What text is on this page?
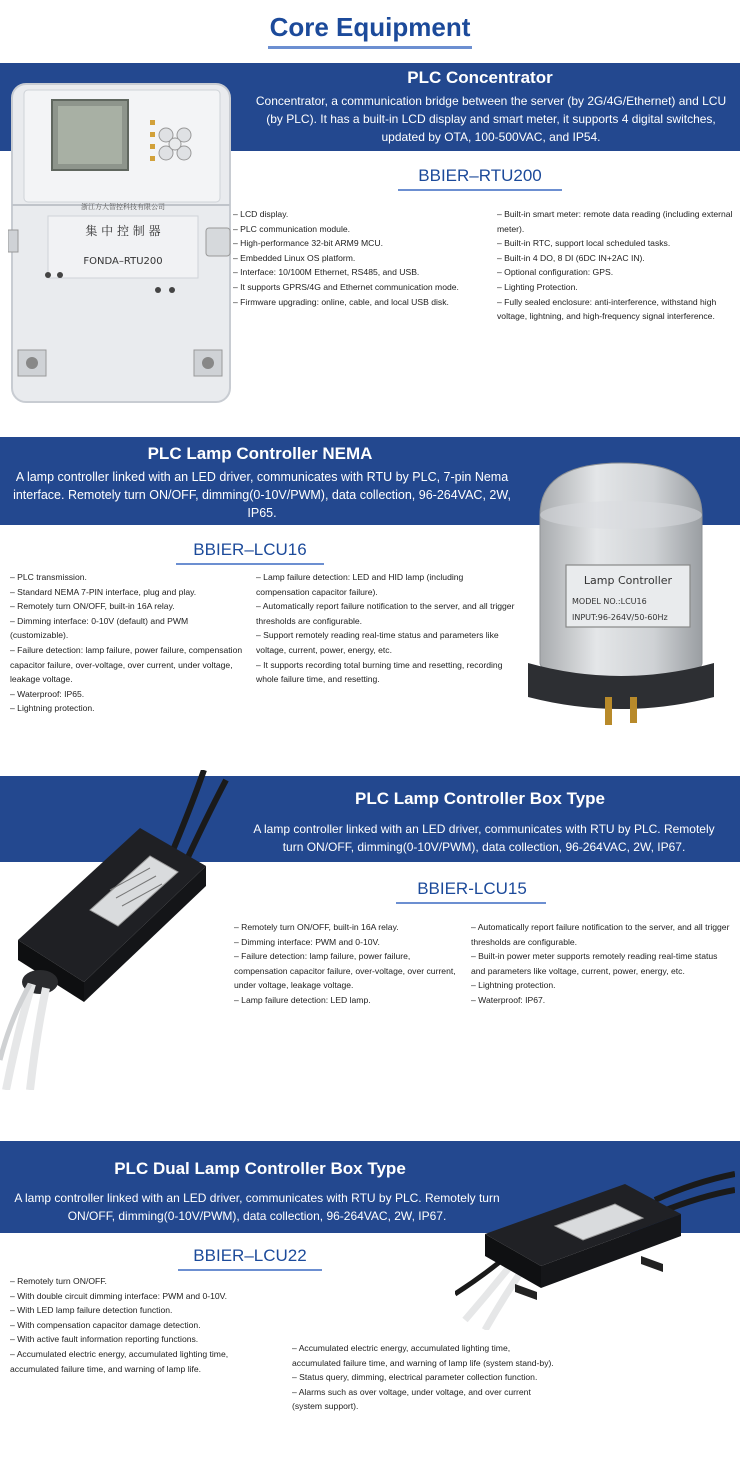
Core Equipment
PLC Concentrator
Concentrator, a communication bridge between the server (by 2G/4G/Ethernet) and LCU (by PLC). It has a built-in LCD display and smart meter, it supports 4 digital switches, updated by OTA, 100-500VAC, and IP54.
BBIER–RTU200
浙江方大智控科技有限公司
集 中 控 制 器
FONDA–RTU200
– LCD display.
– PLC communication module.
– High-performance 32-bit ARM9 MCU.
– Embedded Linux OS platform.
– Interface: 10/100M Ethernet, RS485, and USB.
– It supports GPRS/4G and Ethernet communication mode.
– Firmware upgrading: online, cable, and local USB disk.
– Built-in smart meter: remote data reading (including external meter).
– Built-in RTC, support local scheduled tasks.
– Built-in 4 DO, 8 DI (6DC IN+2AC IN).
– Optional configuration: GPS.
– Lighting Protection.
– Fully sealed enclosure: anti-interference, withstand high voltage, lightning, and high-frequency signal interference.
PLC Lamp Controller NEMA
A lamp controller linked with an LED driver, communicates with RTU by PLC, 7-pin Nema interface. Remotely turn ON/OFF, dimming(0-10V/PWM), data collection, 96-264VAC, 2W, IP65.
BBIER–LCU16
Lamp Controller
MODEL NO.:LCU16
INPUT:96-264V/50-60Hz
– PLC transmission.
– Standard NEMA 7-PIN interface, plug and play.
– Remotely turn ON/OFF, built-in 16A relay.
– Dimming interface: 0-10V (default) and PWM (customizable).
– Failure detection: lamp failure, power failure, compensation capacitor failure, over-voltage, over current, under voltage, leakage voltage.
– Waterproof: IP65.
– Lightning protection.
– Lamp failure detection: LED and HID lamp (including compensation capacitor failure).
– Automatically report failure notification to the server, and all trigger thresholds are configurable.
– Support remotely reading real-time status and parameters like voltage, current, power, energy, etc.
– It supports recording total burning time and resetting, recording whole failure time, and resetting.
PLC Lamp Controller Box Type
A lamp controller linked with an LED driver, communicates with RTU by PLC. Remotely turn ON/OFF, dimming(0-10V/PWM), data collection, 96-264VAC, 2W, IP67.
BBIER-LCU15
– Remotely turn ON/OFF, built-in 16A relay.
– Dimming interface: PWM and 0-10V.
– Failure detection: lamp failure, power failure, compensation capacitor failure, over-voltage, over current, under voltage, leakage voltage.
– Lamp failure detection: LED lamp.
– Automatically report failure notification to the server, and all trigger thresholds are configurable.
– Built-in power meter supports remotely reading real-time status and parameters like voltage, current, power, energy, etc.
– Lightning protection.
– Waterproof: IP67.
PLC Dual Lamp Controller Box Type
A lamp controller linked with an LED driver, communicates with RTU by PLC. Remotely turn ON/OFF, dimming(0-10V/PWM), data collection, 96-264VAC, 2W, IP67.
BBIER–LCU22
– Remotely turn ON/OFF.
– With double circuit dimming interface: PWM and 0-10V.
– With LED lamp failure detection function.
– With compensation capacitor damage detection.
– With active fault information reporting functions.
– Accumulated electric energy, accumulated lighting time, accumulated failure time, and warning of lamp life.
– Accumulated electric energy, accumulated lighting time, accumulated failure time, and warning of lamp life (system stand-by).
– Status query, dimming, electrical parameter collection function.
– Alarms such as over voltage, under voltage, and over current (system support).
